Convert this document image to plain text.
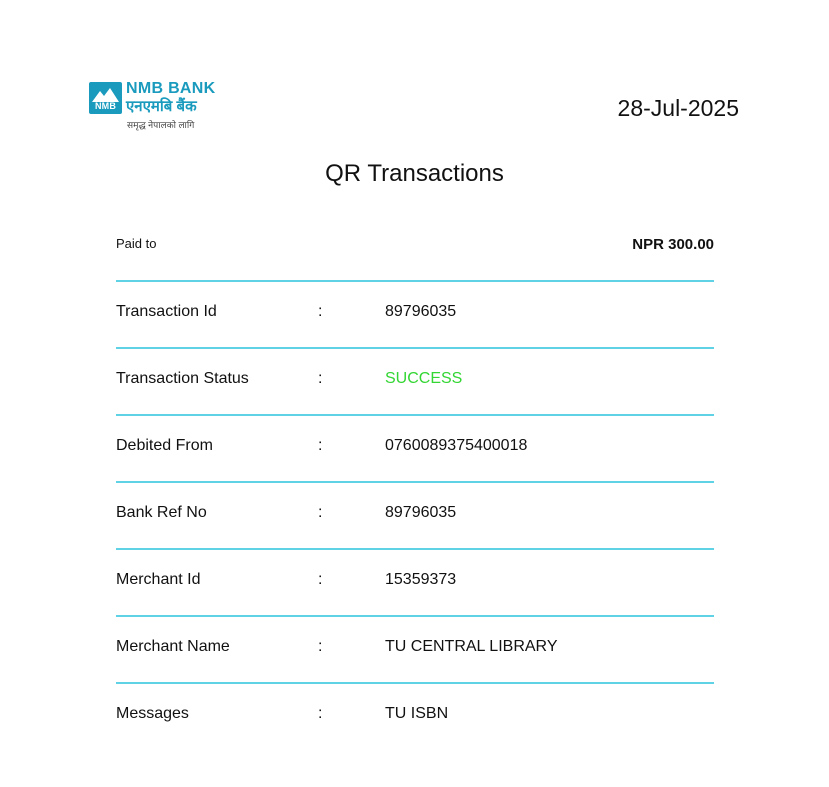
NMB
NMB BANK
एनएमबि बैंक
समृद्ध नेपालको लागि
28-Jul-2025
QR Transactions
Paid to	NPR 300.00
Transaction Id	:	89796035
Transaction Status	:	SUCCESS
Debited From	:	0760089375400018
Bank Ref No	:	89796035
Merchant Id	:	15359373
Merchant Name	:	TU CENTRAL LIBRARY
Messages	:	TU ISBN
